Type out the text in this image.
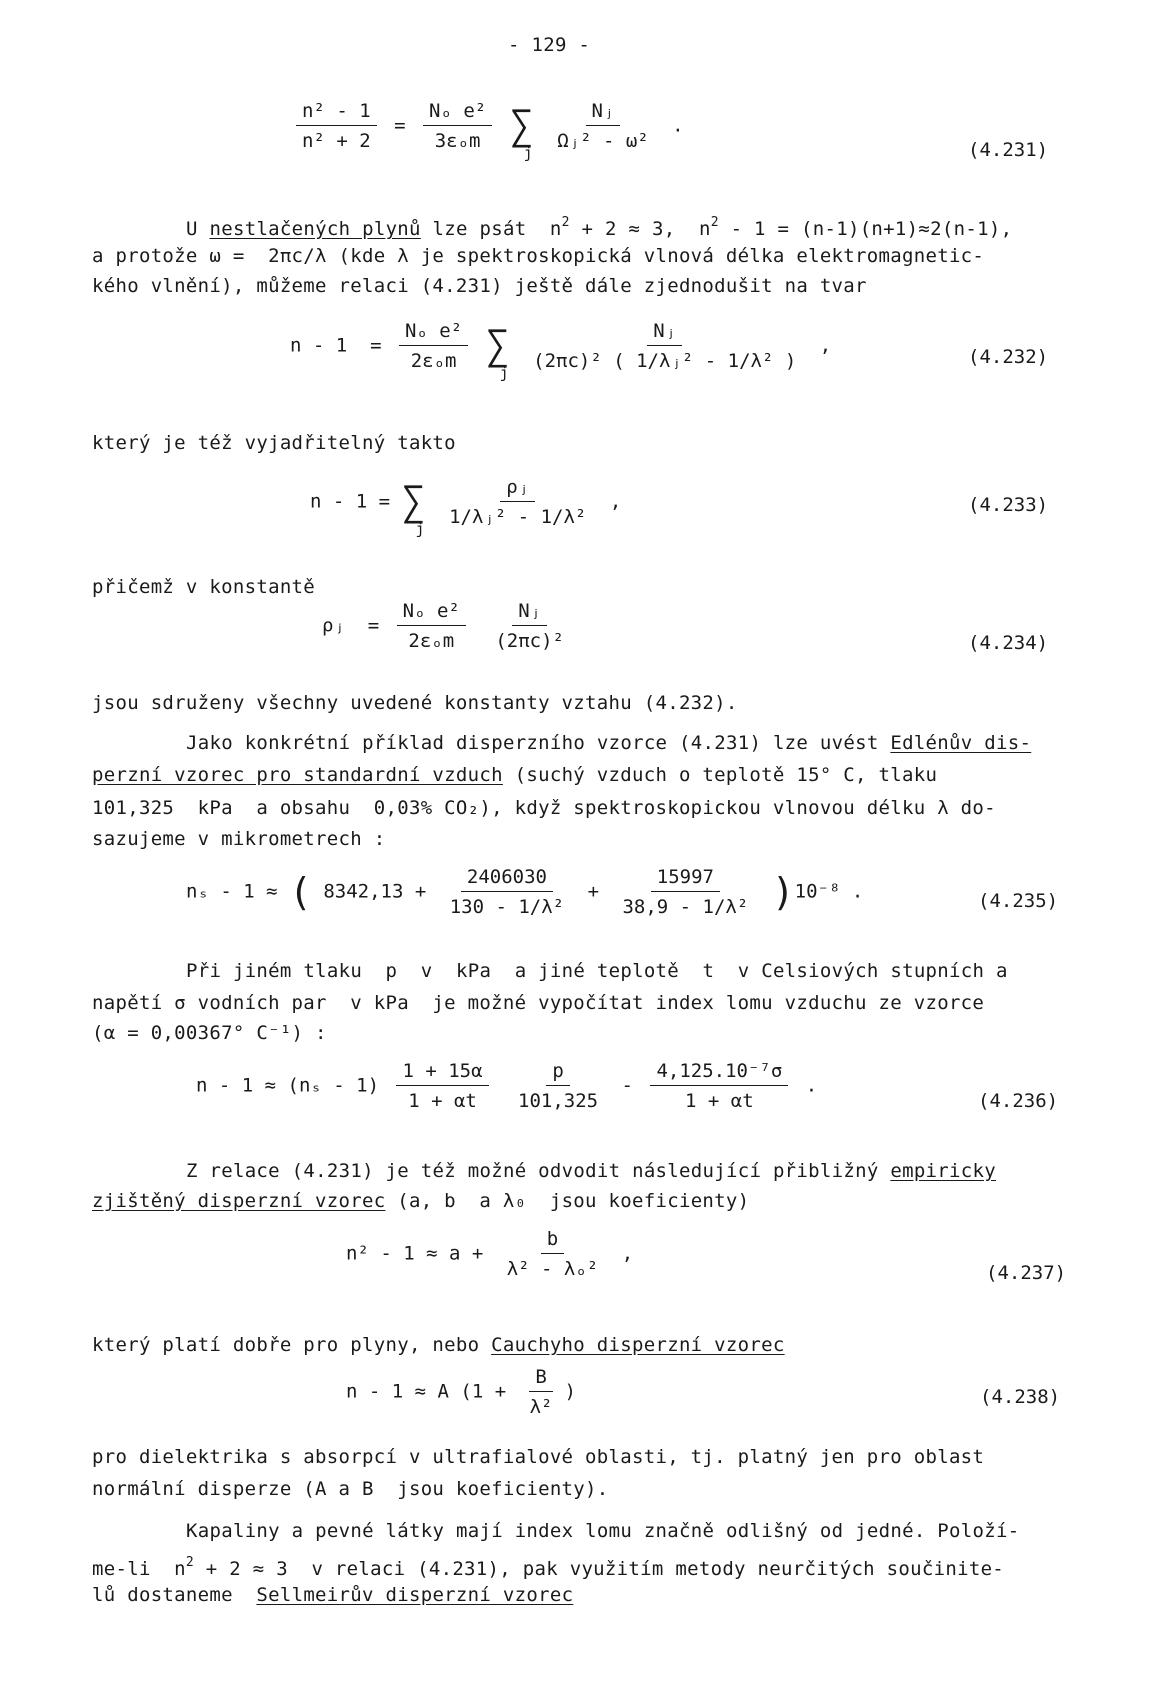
- 129 -
$\frac{\text{n² - 1}}{\text{n² + 2}} = \frac{\text{Nₒ e²}}{\text{3εₒm}}$ ∑
j

$\frac{\text{Nⱼ}}{\text{Ωⱼ² - ω²}}$ .
(4.231)
U nestlačených plynů lze psát  $n^2 + 2 \approx 3$,  $n^2 - 1 = (n-1)(n+1)\approx 2(n-1)$,
a protože ω =  2πc/λ (kde λ je spektroskopická vlnová délka elektromagnetic-
kého vlnění), můžeme relaci (4.231) ještě dále zjednodušit na tvar
$n - 1 = \frac{\text{Nₒ e²}}{\text{2εₒm}}$ ∑
j

$\frac{\text{Nⱼ}}{\text{(2πc)² ( 1/λⱼ² - 1/λ² )}}$ ,
(4.232)
který je též vyjadřitelný takto
n - 1 = ∑
j

$\frac{\text{ρⱼ}}{\text{1/λⱼ² - 1/λ²}}$ ,	(4.233)
přičemž v konstantě
ρⱼ  = $\frac{\text{Nₒ e²}}{\text{2εₒm}}$
$\frac{\text{Nⱼ}}{\text{(2πc)²}}$	(4.234)
jsou sdruženy všechny uvedené konstanty vztahu (4.232).
Jako konkrétní příklad disperzního vzorce (4.231) lze uvést Edlénův dis-
perzní vzorec pro standardní vzduch (suchý vzduch o teplotě 15° C, tlaku
101,325  kPa  a obsahu  0,03% CO₂), když spektroskopickou vlnovou délku λ do-
sazujeme v mikrometrech :
nₛ - 1 ≈ ( $8342,13 + \frac{2406030}{\text{130 - 1/λ²}} + \frac{15997}{\text{38,9 - 1/λ²}} )10^{-8}$ .	(4.235)
Při jiném tlaku  p  v  kPa  a jiné teplotě  t  v Celsiových stupních a
napětí σ vodních par  v kPa  je možné vypočítat index lomu vzduchu ze vzorce
(α = 0,00367° C⁻¹) :
$n - 1 \approx (n_s - 1) \frac{1 + 15\alpha}{1 + \alpha t}$
$\frac{p}{101,325} - \frac{\text{4,125.10⁻⁷σ}}{1 + \alpha t}$ .
(4.236)
Z relace (4.231) je též možné odvodit následující přibližný empiricky
zjištěný disperzní vzorec (a, b  a λ₀  jsou koeficienty)
$n^2 - 1 \approx a + \frac{b}{\text{λ² - λₒ²}}$ ,
(4.237)
který platí dobře pro plyny, nebo Cauchyho disperzní vzorec
n - 1 ≈ A ($1 + \frac{B}{\text{λ²}}$ )	(4.238)
pro dielektrika s absorpcí v ultrafialové oblasti, tj. platný jen pro oblast
normální disperze (A a B  jsou koeficienty).
Kapaliny a pevné látky mají index lomu značně odlišný od jedné. Položí-
me-li  $n^2 + 2 \approx 3$  v relaci (4.231), pak využitím metody neurčitých součinite-
lů dostaneme  Sellmeirův disperzní vzorec
